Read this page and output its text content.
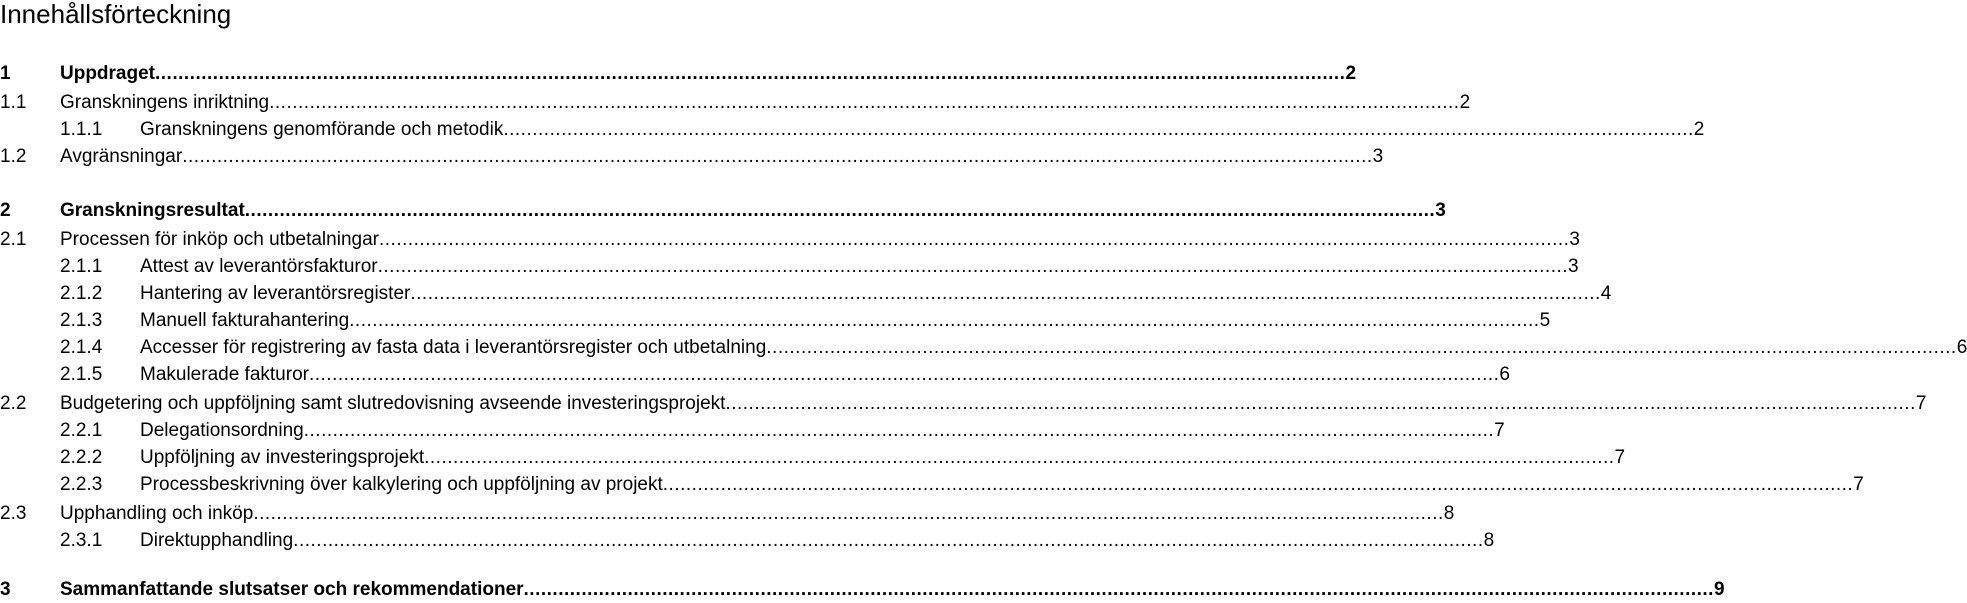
Innehållsförteckning
1	Uppdraget .....	2
1.1 Granskningens inriktning .....	2
1.1.1 Granskningens genomförande och metodik .....	2
1.2 Avgränsningar .....	3
2	Granskningsresultat .....	3
2.1 Processen för inköp och utbetalningar .....	3
2.1.1 Attest av leverantörsfakturor .....	3
2.1.2 Hantering av leverantörsregister .....	4
2.1.3 Manuell fakturahantering .....	5
2.1.4 Accesser för registrering av fasta data i leverantörsregister och utbetalning .....	6
2.1.5 Makulerade fakturor .....	6
2.2 Budgetering och uppföljning samt slutredovisning avseende investeringsprojekt .....	7
2.2.1 Delegationsordning .....	7
2.2.2 Uppföljning av investeringsprojekt .....	7
2.2.3 Processbeskrivning över kalkylering och uppföljning av projekt .....	7
2.3 Upphandling och inköp .....	8
2.3.1 Direktupphandling .....	8
3	Sammanfattande slutsatser och rekommendationer .....	9
